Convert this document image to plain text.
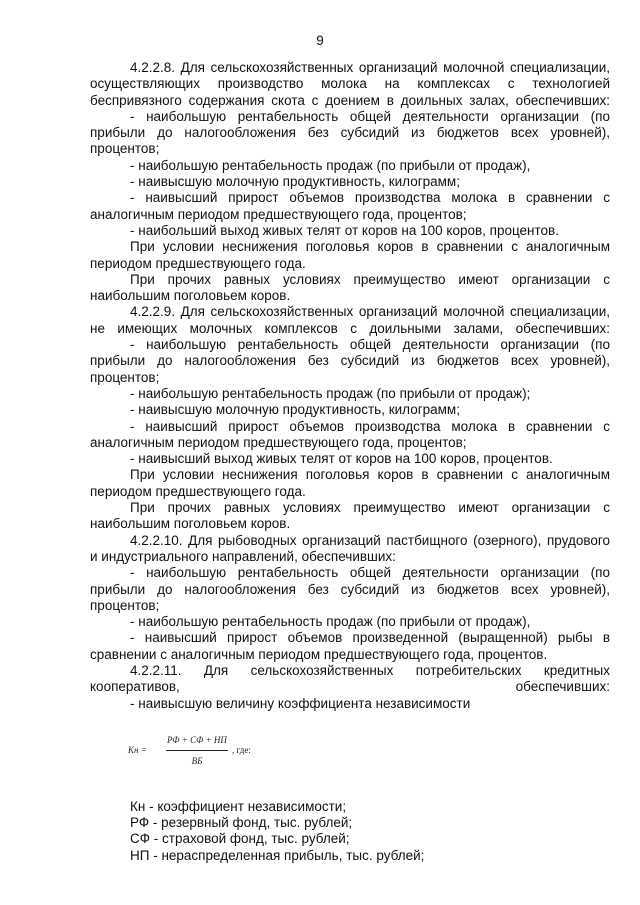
9

4.2.2.8. Для сельскохозяйственных организаций молочной специализации, осуществляющих производство молока на комплексах с технологией беспривязного содержания скота с доением в доильных залах, обеспечивших:

- наибольшую рентабельность общей деятельности организации (по прибыли до налогообложения без субсидий из бюджетов всех уровней), процентов;

- наибольшую рентабельность продаж (по прибыли от продаж),

- наивысшую молочную продуктивность, килограмм;

- наивысший прирост объемов производства молока в сравнении с аналогичным периодом предшествующего года, процентов;

- наибольший выход живых телят от коров на 100 коров, процентов.

При условии неснижения поголовья коров в сравнении с аналогичным периодом предшествующего года.

При прочих равных условиях преимущество имеют организации с наибольшим поголовьем коров.

4.2.2.9. Для сельскохозяйственных организаций молочной специализации, не имеющих молочных комплексов с доильными залами, обеспечивших:

- наибольшую рентабельность общей деятельности организации (по прибыли до налогообложения без субсидий из бюджетов всех уровней), процентов;

- наибольшую рентабельность продаж (по прибыли от продаж);

- наивысшую молочную продуктивность, килограмм;

- наивысший прирост объемов производства молока в сравнении с аналогичным периодом предшествующего года, процентов;

- наивысший выход живых телят от коров на 100 коров, процентов.

При условии неснижения поголовья коров в сравнении с аналогичным периодом предшествующего года.

При прочих равных условиях преимущество имеют организации с наибольшим поголовьем коров.

4.2.2.10. Для рыбоводных организаций пастбищного (озерного), прудового и индустриального направлений, обеспечивших:

- наибольшую рентабельность общей деятельности организации (по прибыли до налогообложения без субсидий из бюджетов всех уровней), процентов;

- наибольшую рентабельность продаж (по прибыли от продаж),

- наивысший прирост объемов произведенной (выращенной) рыбы в сравнении с аналогичным периодом предшествующего года, процентов.

4.2.2.11. Для сельскохозяйственных потребительских кредитных кооперативов, обеспечивших:

- наивысшую величину коэффициента независимости

Кн =
РФ + СФ + НП
ВБ
, где:

Кн - коэффициент независимости;

РФ - резервный фонд, тыс. рублей;

СФ - страховой фонд, тыс. рублей;

НП - нераспределенная прибыль, тыс. рублей;
